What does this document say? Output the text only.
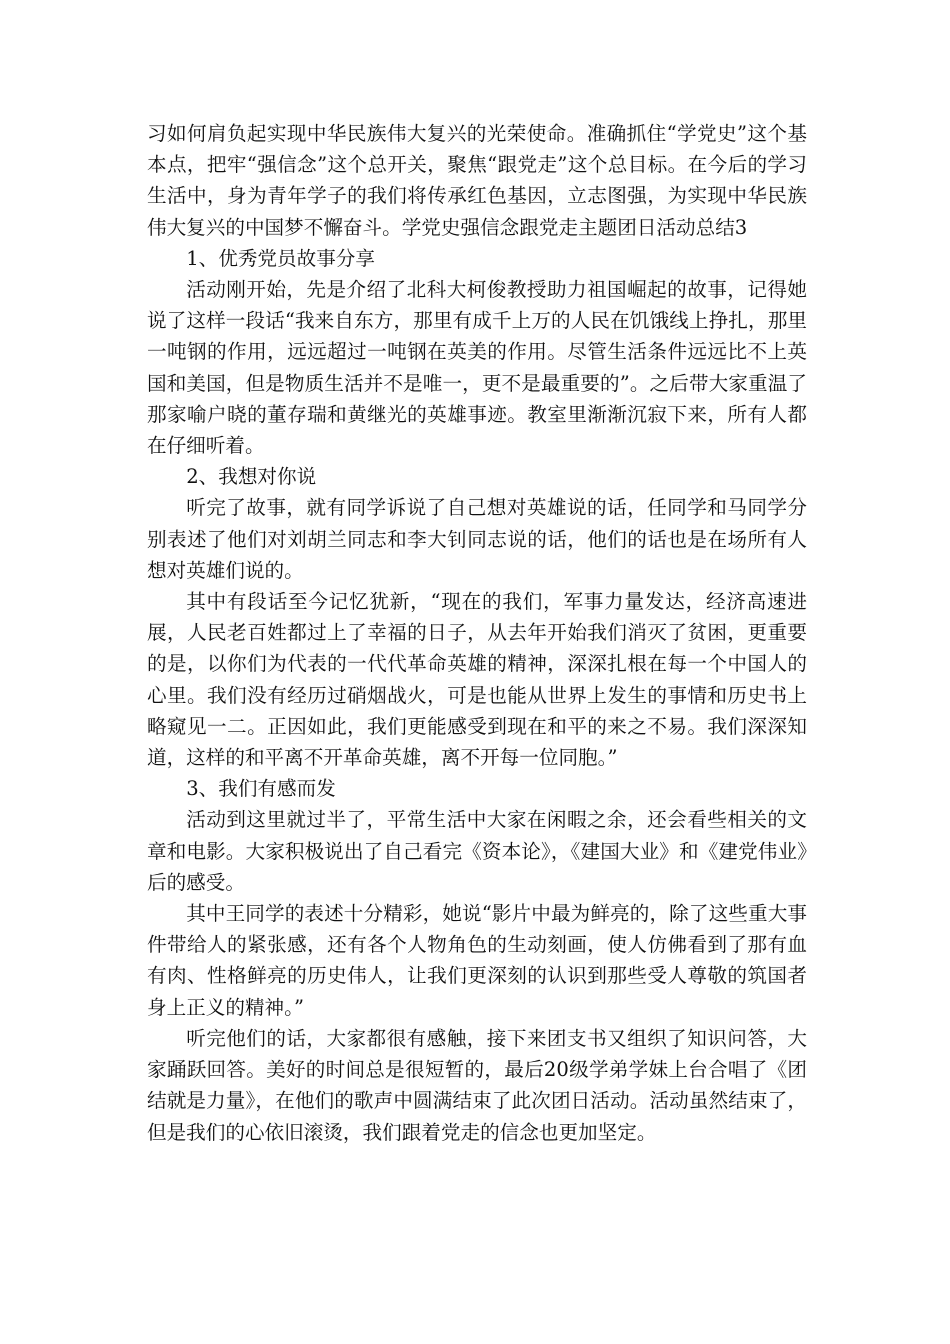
习如何肩负起实现中华民族伟大复兴的光荣使命。准确抓住“学党史”这个基本点，把牢“强信念”这个总开关，聚焦“跟党走”这个总目标。在今后的学习生活中，身为青年学子的我们将传承红色基因，立志图强，为实现中华民族伟大复兴的中国梦不懈奋斗。学党史强信念跟党走主题团日活动总结3

1、优秀党员故事分享

活动刚开始，先是介绍了北科大柯俊教授助力祖国崛起的故事，记得她说了这样一段话“我来自东方，那里有成千上万的人民在饥饿线上挣扎，那里一吨钢的作用，远远超过一吨钢在英美的作用。尽管生活条件远远比不上英国和美国，但是物质生活并不是唯一，更不是最重要的”。之后带大家重温了那家喻户晓的董存瑞和黄继光的英雄事迹。教室里渐渐沉寂下来，所有人都在仔细听着。

2、我想对你说

听完了故事，就有同学诉说了自己想对英雄说的话，任同学和马同学分别表述了他们对刘胡兰同志和李大钊同志说的话，他们的话也是在场所有人想对英雄们说的。

其中有段话至今记忆犹新，“现在的我们，军事力量发达，经济高速进展，人民老百姓都过上了幸福的日子，从去年开始我们消灭了贫困，更重要的是，以你们为代表的一代代革命英雄的精神，深深扎根在每一个中国人的心里。我们没有经历过硝烟战火，可是也能从世界上发生的事情和历史书上略窥见一二。正因如此，我们更能感受到现在和平的来之不易。我们深深知道，这样的和平离不开革命英雄，离不开每一位同胞。”

3、我们有感而发

活动到这里就过半了，平常生活中大家在闲暇之余，还会看些相关的文章和电影。大家积极说出了自己看完《资本论》，《建国大业》和《建党伟业》后的感受。

其中王同学的表述十分精彩，她说“影片中最为鲜亮的，除了这些重大事件带给人的紧张感，还有各个人物角色的生动刻画，使人仿佛看到了那有血有肉、性格鲜亮的历史伟人，让我们更深刻的认识到那些受人尊敬的筑国者身上正义的精神。”

听完他们的话，大家都很有感触，接下来团支书又组织了知识问答，大家踊跃回答。美好的时间总是很短暂的，最后20级学弟学妹上台合唱了《团结就是力量》，在他们的歌声中圆满结束了此次团日活动。活动虽然结束了，但是我们的心依旧滚烫，我们跟着党走的信念也更加坚定。
